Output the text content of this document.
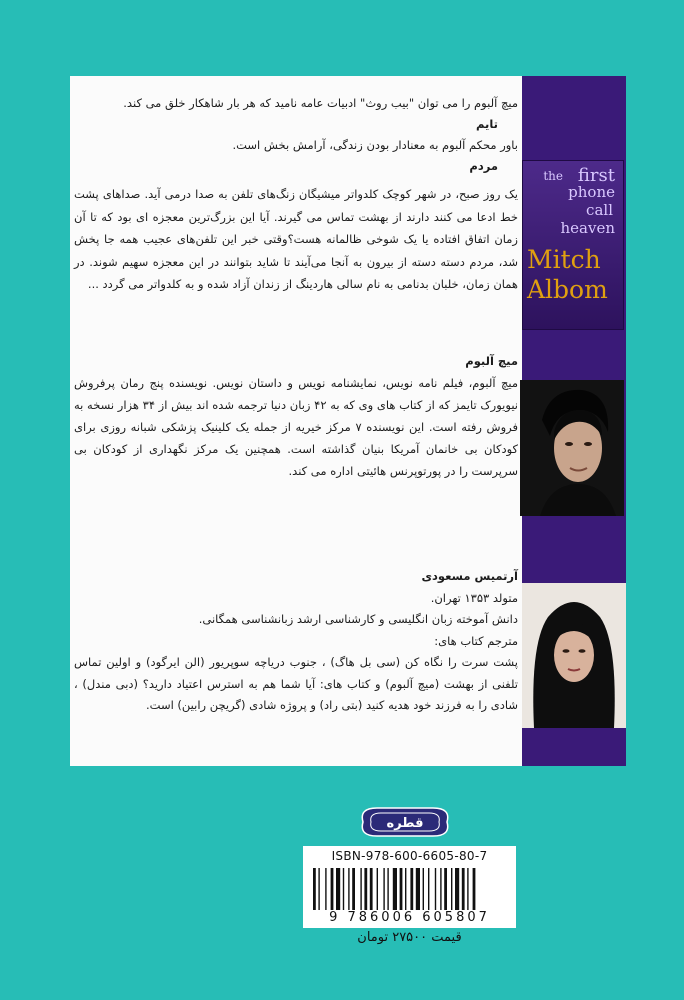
میچ آلبوم را می توان "بیب روث" ادبیات عامه نامید که هر بار شاهکار خلق می کند.

تایم

باور محکم آلبوم به معنادار بودن زندگی، آرامش بخش است.

مردم

یک روز صبح، در شهر کوچک کلدواتر میشیگان زنگ‌های تلفن به صدا درمی آید. صداهای پشت خط ادعا می کنند دارند از بهشت تماس می گیرند. آیا این بزرگ‌ترین معجزه ای بود که تا آن زمان اتفاق افتاده یا یک شوخی ظالمانه هست؟وقتی خبر این تلفن‌های عجیب همه جا پخش شد، مردم دسته دسته از بیرون به آنجا می‌آیند تا شاید بتوانند در این معجزه سهیم شوند. در همان زمان، خلبان بدنامی به نام سالی هاردینگ از زندان آزاد شده و به کلدواتر می گردد ...

the first
phone
call
heaven
Mitch
Albom

میچ آلبوم

میچ آلبوم، فیلم نامه نویس، نمایشنامه نویس و داستان نویس. نویسنده پنج رمان پرفروش نیویورک تایمز که از کتاب های وی که به ۴۲ زبان دنیا ترجمه شده اند بیش از ۳۴ هزار نسخه به فروش رفته است. این نویسنده ۷ مرکز خیریه از جمله یک کلینیک پزشکی شبانه روزی برای کودکان بی خانمان آمریکا بنیان گذاشته است. همچنین یک مرکز نگهداری از کودکان بی سرپرست را در پورتوپرنس هائیتی اداره می کند.

آرتمیس مسعودی

متولد ۱۳۵۳ تهران.

دانش آموخته زبان انگلیسی و کارشناسی ارشد زبانشناسی همگانی.

مترجم کتاب های:

پشت سرت را نگاه کن (سی بل هاگ) ، جنوب دریاچه سوپریور (الن ایرگود) و اولین تماس تلفنی از بهشت (میچ آلبوم) و کتاب های: آیا شما هم به استرس اعتیاد دارید؟ (دبی مندل) ، شادی را به فرزند خود هدیه کنید (بتی راد) و پروژه شادی (گریچن رابین) است.

قطره
ISBN-978-600-6605-80-7
9 786006 605807
قیمت ۲۷۵۰۰ تومان
